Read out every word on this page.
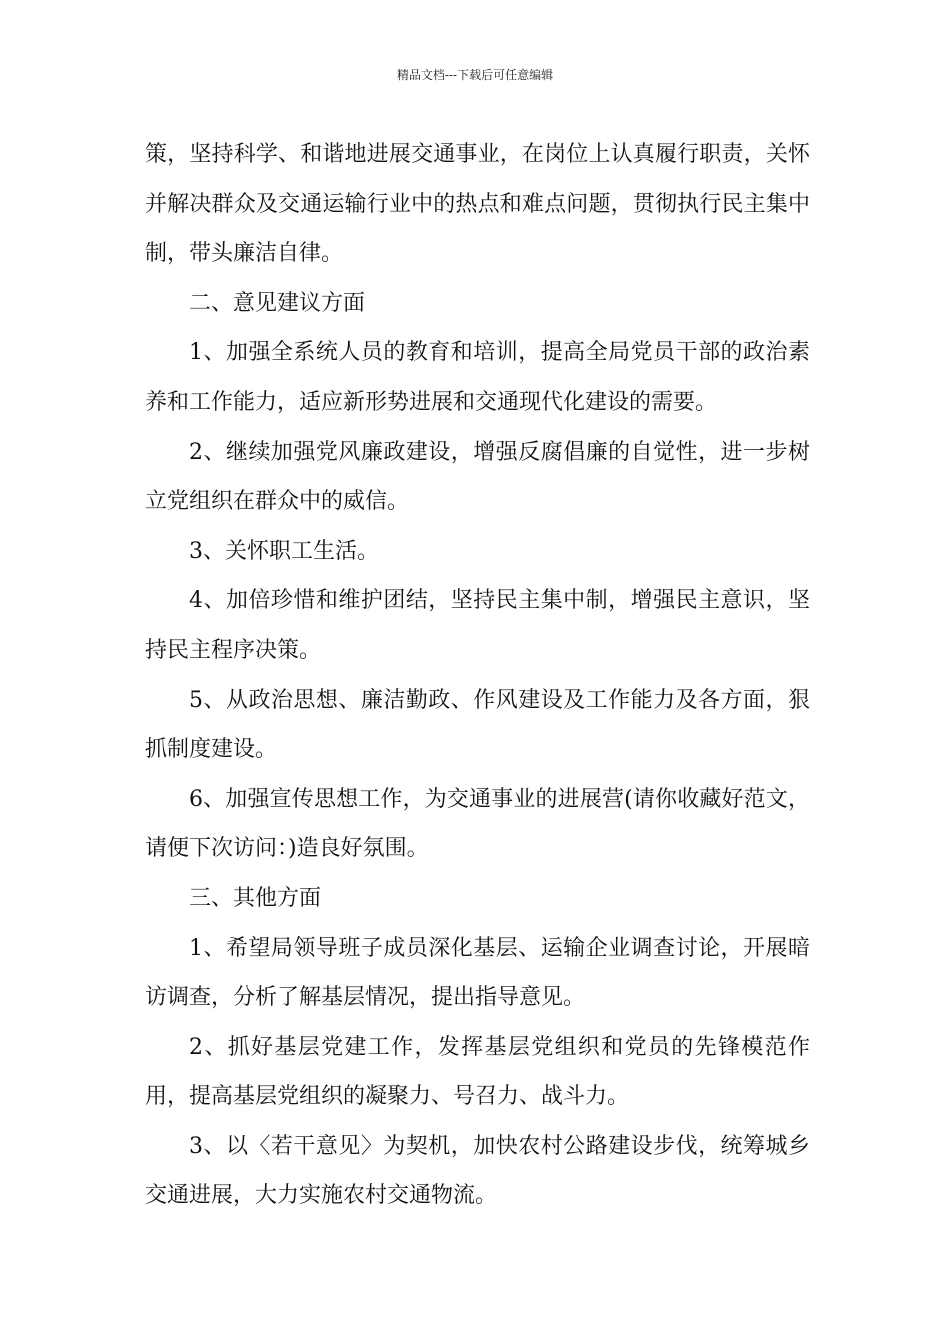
精品文档---下载后可任意编辑

策，坚持科学、和谐地进展交通事业，在岗位上认真履行职责，关怀并解决群众及交通运输行业中的热点和难点问题，贯彻执行民主集中制，带头廉洁自律。

二、意见建议方面

1、加强全系统人员的教育和培训，提高全局党员干部的政治素养和工作能力，适应新形势进展和交通现代化建设的需要。

2、继续加强党风廉政建设，增强反腐倡廉的自觉性，进一步树立党组织在群众中的威信。

3、关怀职工生活。

4、加倍珍惜和维护团结，坚持民主集中制，增强民主意识，坚持民主程序决策。

5、从政治思想、廉洁勤政、作风建设及工作能力及各方面，狠抓制度建设。

6、加强宣传思想工作，为交通事业的进展营(请你收藏好范文，请便下次访问：)造良好氛围。

三、其他方面

1、希望局领导班子成员深化基层、运输企业调查讨论，开展暗访调查，分析了解基层情况，提出指导意见。

2、抓好基层党建工作，发挥基层党组织和党员的先锋模范作用，提高基层党组织的凝聚力、号召力、战斗力。

3、以〈若干意见〉为契机，加快农村公路建设步伐，统筹城乡交通进展，大力实施农村交通物流。
